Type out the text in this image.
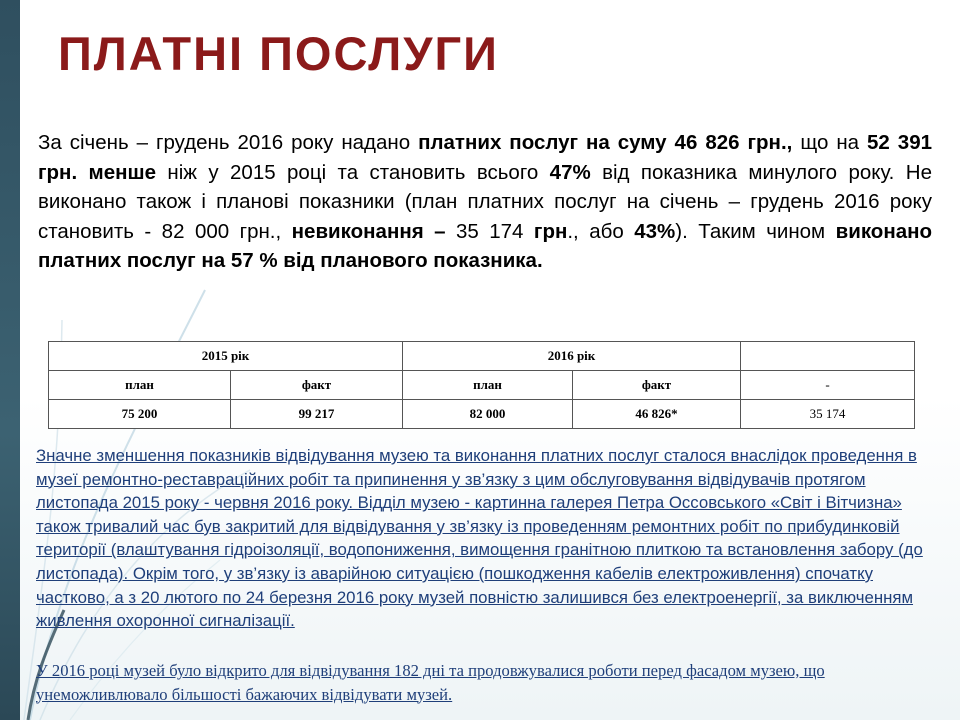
ПЛАТНІ ПОСЛУГИ

За січень – грудень 2016 року надано платних послуг на суму 46 826 грн., що на 52 391 грн. менше ніж у 2015 році та становить всього 47% від показника минулого року. Не виконано також і планові показники (план платних послуг на січень – грудень 2016 року становить - 82 000 грн., невиконання – 35 174 грн., або 43%). Таким чином виконано платних послуг на 57 % від планового показника.

2015 рік		2016 рік		
план	факт	план	факт	-
75 200	99 217	82 000	46 826*	35 174

Значне зменшення показників відвідування музею та виконання платних послуг сталося внаслідок проведення в музеї ремонтно-реставраційних робіт та припинення у зв’язку з цим обслуговування відвідувачів протягом листопада 2015 року - червня 2016 року. Відділ музею - картинна галерея Петра Оссовського «Світ і Вітчизна» також тривалий час був закритий для відвідування у зв’язку із проведенням ремонтних робіт по прибудинковій території (влаштування гідроізоляції, водопониження, вимощення гранітною плиткою та встановлення забору (до листопада). Окрім того, у зв’язку із аварійною ситуацією (пошкодження кабелів електроживлення) спочатку частково, а з 20 лютого по 24 березня 2016 року музей повністю залишився без електроенергії, за виключенням живлення охоронної сигналізації.

У 2016 році музей було відкрито для відвідування 182 дні та продовжувалися роботи перед фасадом музею, що унеможливлювало більшості бажаючих відвідувати музей.
